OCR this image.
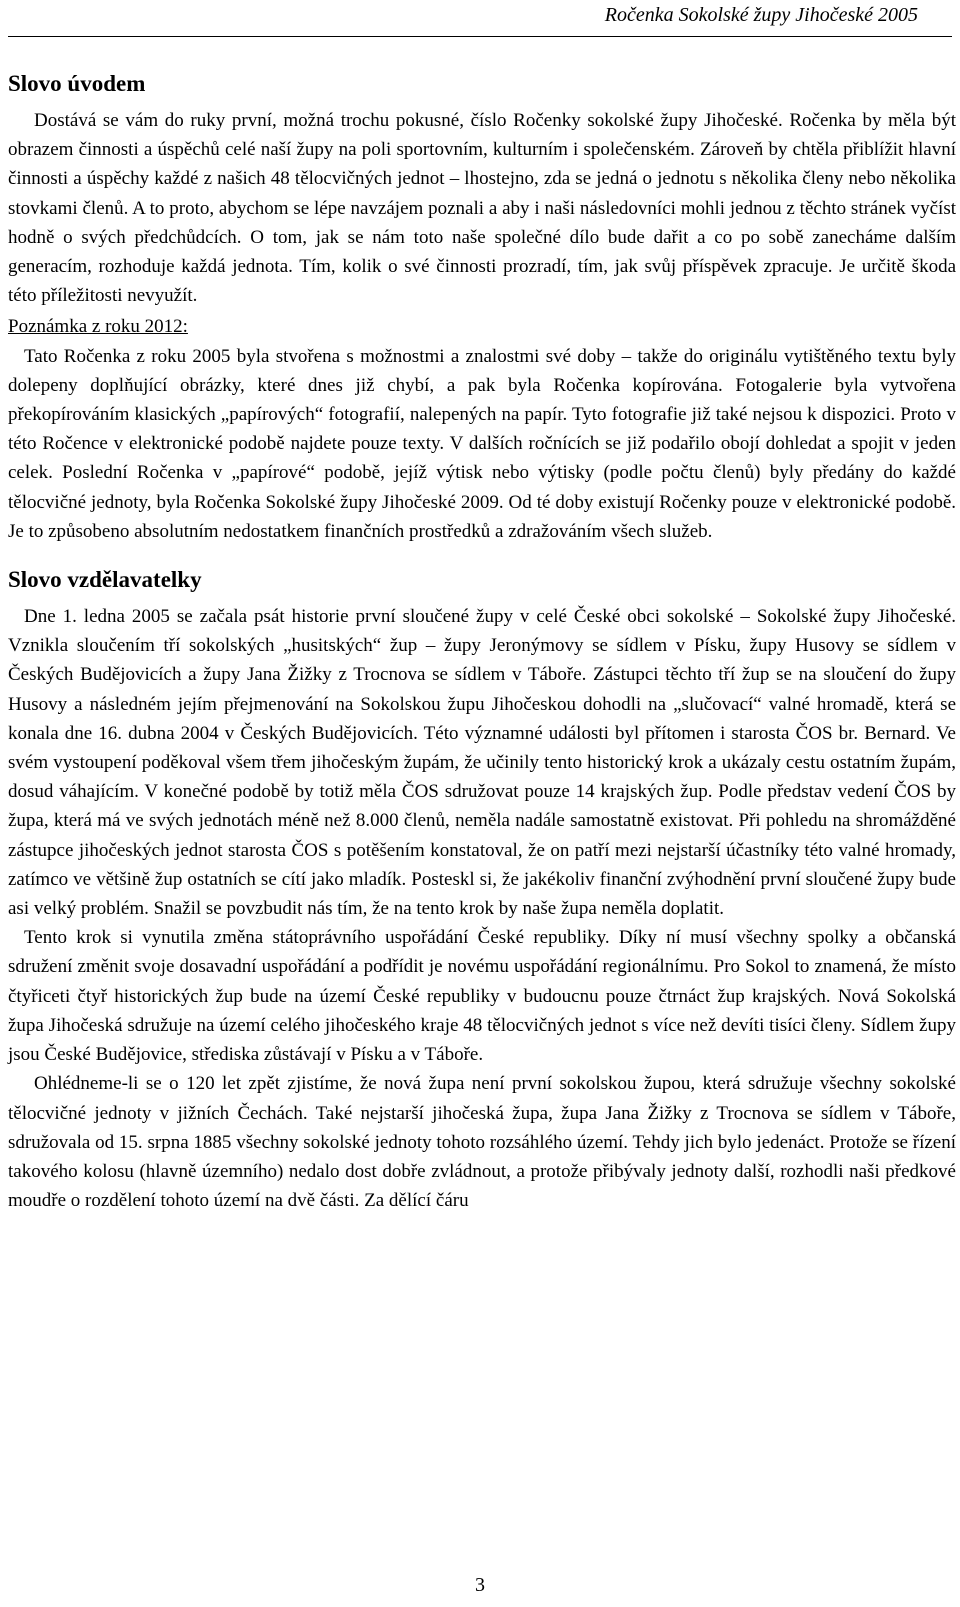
Ročenka Sokolské župy Jihočeské 2005
Slovo úvodem

Dostává se vám do ruky první, možná trochu pokusné, číslo Ročenky sokolské župy Jihočeské. Ročenka by měla být obrazem činnosti a úspěchů celé naší župy na poli sportovním, kulturním i společenském. Zároveň by chtěla přiblížit hlavní činnosti a úspěchy každé z našich 48 tělocvičných jednot – lhostejno, zda se jedná o jednotu s několika členy nebo několika stovkami členů. A to proto, abychom se lépe navzájem poznali a aby i naši následovníci mohli jednou z těchto stránek vyčíst hodně o svých předchůdcích. O tom, jak se nám toto naše společné dílo bude dařit a co po sobě zanecháme dalším generacím, rozhoduje každá jednota. Tím, kolik o své činnosti prozradí, tím, jak svůj příspěvek zpracuje. Je určitě škoda této příležitosti nevyužít.

Poznámka z roku 2012:

Tato Ročenka z roku 2005 byla stvořena s možnostmi a znalostmi své doby – takže do originálu vytištěného textu byly dolepeny doplňující obrázky, které dnes již chybí, a pak byla Ročenka kopírována. Fotogalerie byla vytvořena překopírováním klasických „papírových“ fotografií, nalepených na papír. Tyto fotografie již také nejsou k dispozici. Proto v této Ročence v elektronické podobě najdete pouze texty. V dalších ročnících se již podařilo obojí dohledat a spojit v jeden celek. Poslední Ročenka v „papírové“ podobě, jejíž výtisk nebo výtisky (podle počtu členů) byly předány do každé tělocvičné jednoty, byla Ročenka Sokolské župy Jihočeské 2009. Od té doby existují Ročenky pouze v elektronické podobě. Je to způsobeno absolutním nedostatkem finančních prostředků a zdražováním všech služeb.

Slovo vzdělavatelky

Dne 1. ledna 2005 se začala psát historie první sloučené župy v celé České obci sokolské – Sokolské župy Jihočeské. Vznikla sloučením tří sokolských „husitských“ žup – župy Jeronýmovy se sídlem v Písku, župy Husovy se sídlem v Českých Budějovicích a župy Jana Žižky z Trocnova se sídlem v Táboře. Zástupci těchto tří žup se na sloučení do župy Husovy a následném jejím přejmenování na Sokolskou župu Jihočeskou dohodli na „slučovací“ valné hromadě, která se konala dne 16. dubna 2004 v Českých Budějovicích. Této významné události byl přítomen i starosta ČOS br. Bernard. Ve svém vystoupení poděkoval všem třem jihočeským župám, že učinily tento historický krok a ukázaly cestu ostatním župám, dosud váhajícím. V konečné podobě by totiž měla ČOS sdružovat pouze 14 krajských žup. Podle představ vedení ČOS by župa, která má ve svých jednotách méně než 8.000 členů, neměla nadále samostatně existovat. Při pohledu na shromážděné zástupce jihočeských jednot starosta ČOS s potěšením konstatoval, že on patří mezi nejstarší účastníky této valné hromady, zatímco ve většině žup ostatních se cítí jako mladík. Posteskl si, že jakékoliv finanční zvýhodnění první sloučené župy bude asi velký problém. Snažil se povzbudit nás tím, že na tento krok by naše župa neměla doplatit.

Tento krok si vynutila změna státoprávního uspořádání České republiky. Díky ní musí všechny spolky a občanská sdružení změnit svoje dosavadní uspořádání a podřídit je novému uspořádání regionálnímu. Pro Sokol to znamená, že místo čtyřiceti čtyř historických žup bude na území České republiky v budoucnu pouze čtrnáct žup krajských. Nová Sokolská župa Jihočeská sdružuje na území celého jihočeského kraje 48 tělocvičných jednot s více než devíti tisíci členy. Sídlem župy jsou České Budějovice, střediska zůstávají v Písku a v Táboře.

Ohlédneme-li se o 120 let zpět zjistíme, že nová župa není první sokolskou župou, která sdružuje všechny sokolské tělocvičné jednoty v jižních Čechách. Také nejstarší jihočeská župa, župa Jana Žižky z Trocnova se sídlem v Táboře, sdružovala od 15. srpna 1885 všechny sokolské jednoty tohoto rozsáhlého území. Tehdy jich bylo jedenáct. Protože se řízení takového kolosu (hlavně územního) nedalo dost dobře zvládnout, a protože přibývaly jednoty další, rozhodli naši předkové moudře o rozdělení tohoto území na dvě části. Za dělící čáru

3
